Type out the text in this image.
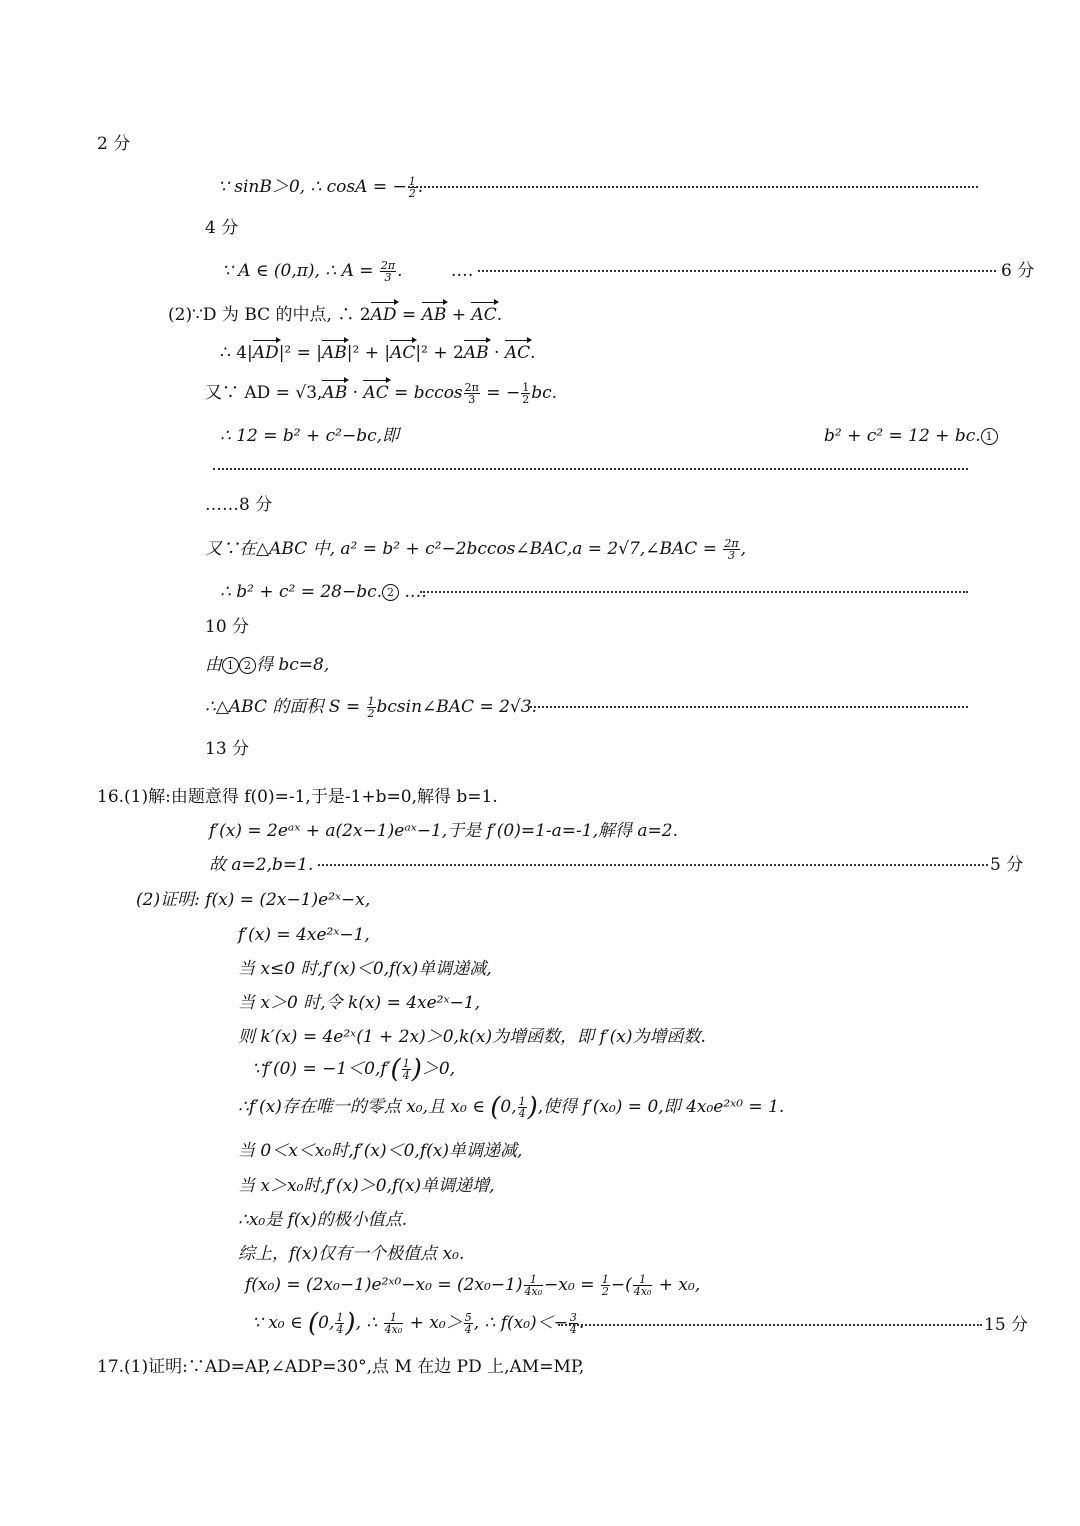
2 分
∵ sinB＞0, ∴ cosA = − $\frac{1}{2}$ .
4 分
∵ A ∈ (0,π), ∴ $A = \frac{2\pi}{3}$ .	.…	6 分
(2)∵D 为 BC 的中点, ∴ 2AD = AB + AC.
∴ 4|AD|² = |AB|² + |AC|² + 2AB · AC.
又∵ AD = √3,AB · AC = bccos $\frac{2\pi}{3}$ = − $\frac{1}{2}$ bc.
∴ 12 = b² + c²−bc,即	b² + c² = 12 + bc. 1
……8 分
又∵在△ABC 中, a² = b² + c²−2bccos∠BAC,a = 2√7,∠BAC = $\frac{2\pi}{3}$ ,
∴ b² + c² = 28−bc. 2 .…
10 分
由 1 2 得 bc=8,
∴△ABC 的面积 $S = \frac{1}{2}$ bcsin∠BAC = 2√3.
13 分
16.(1)解:由题意得 f(0)=-1,于是-1+b=0,解得 b=1.
f′(x) = 2eᵃˣ + a(2x−1)eᵃˣ−1,于是 f′(0)=1-a=-1,解得 a=2.
故 a=2,b=1.	5 分
(2)证明: f(x) = (2x−1)e²ˣ−x,
f′(x) = 4xe²ˣ−1,
当 x≤0 时,f′(x)＜0,f(x)单调递减,
当 x＞0 时,令 k(x) = 4xe²ˣ−1,
则 k′(x) = 4e²ˣ(1 + 2x)＞0,k(x)为增函数，即 f′(x)为增函数.
∵f′(0) = $-1<0,f'( \frac{1}{4} )>0$,
∴f′(x)存在唯一的零点 x₀,且 x₀ ∈ (0, $\frac{1}{4}$ ),使得 f′(x₀) = 0,即 4x₀e²ˣ⁰ = 1.
当 0＜x＜x₀时,f′(x)＜0,f(x)单调递减,
当 x＞x₀时,f′(x)＞0,f(x)单调递增,
∴x₀是 f(x)的极小值点.
综上，f(x)仅有一个极值点 x₀.
f(x₀) = (2x₀−1)e²ˣ⁰−x₀ = $(2x_0-1) \frac{1}{\text{4x₀}} -x_0 = \frac{1}{2}$ −( $\frac{1}{\text{4x₀}} + x_0$,
∵ x₀ ∈ (0, $\frac{1}{4}$ ), ∴ $\frac{1}{\text{4x₀}} + x_0> \frac{5}{4}$ , ∴ $f(x_0)<- \frac{3}{4}$ .	15 分
17.(1)证明:∵AD=AP,∠ADP=30°,点 M 在边 PD 上,AM=MP,
